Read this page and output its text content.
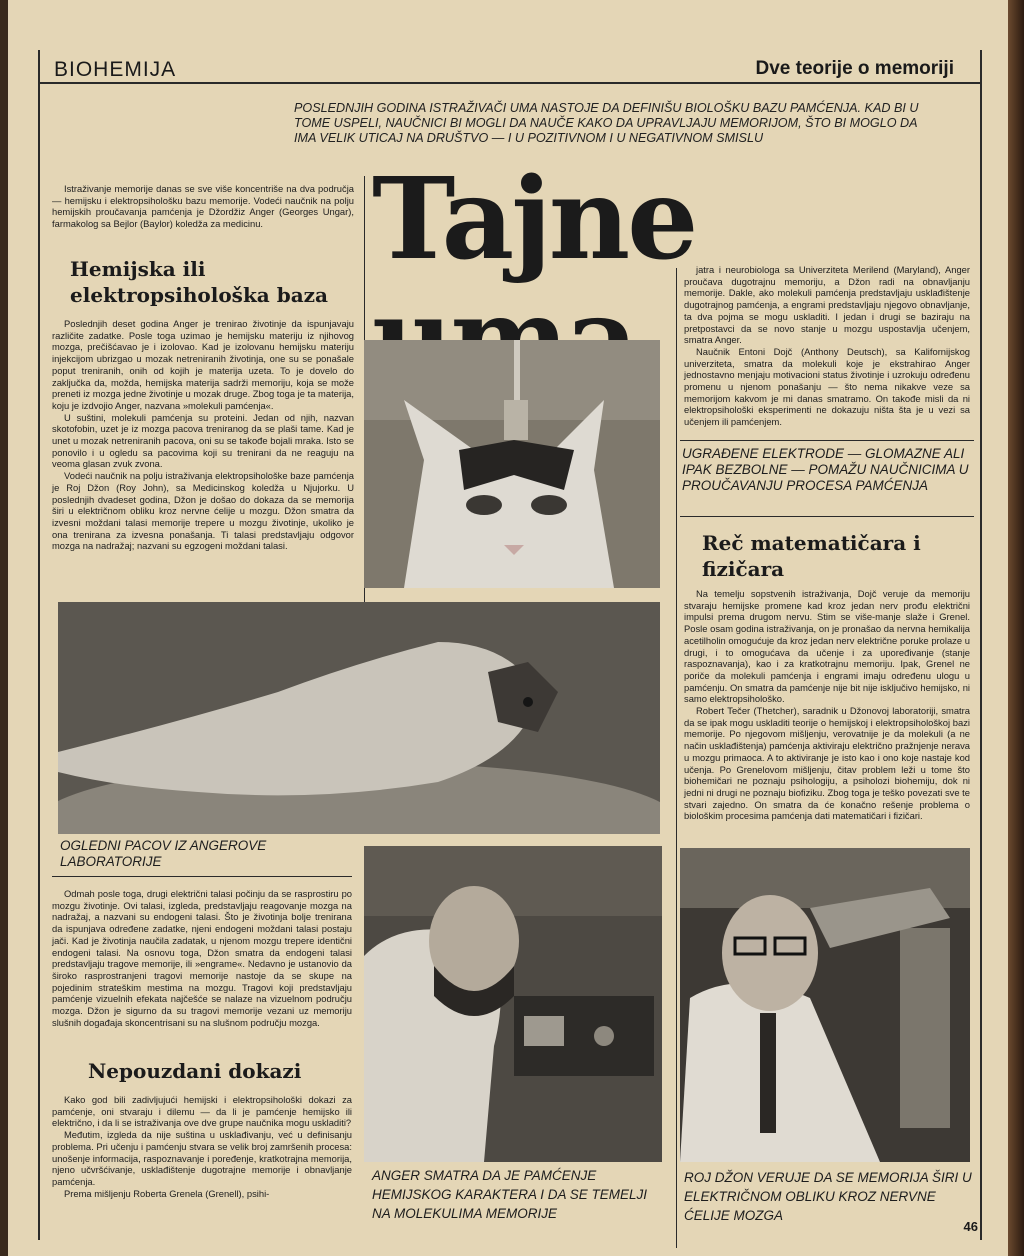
BIOHEMIJA	Dve teorije o memoriji
POSLEDNJIH GODINA ISTRAŽIVAČI UMA NASTOJE DA DEFINIŠU BIOLOŠKU BAZU PAMĆENJA. KAD BI U TOME USPELI, NAUČNICI BI MOGLI DA NAUČE KAKO DA UPRAVLJAJU MEMORIJOM, ŠTO BI MOGLO DA IMA VELIK UTICAJ NA DRUŠTVO — I U POZITIVNOM I U NEGATIVNOM SMISLU
Tajne

Istraživanje memorije danas se sve više koncentriše na dva područja — hemijsku i elektropsihološku bazu memorije. Vodeći naučnik na polju hemijskih proučavanja pamćenja je Džordžiz Anger (Georges Ungar), farmakolog sa Bejlor (Baylor) koledža za medicinu.

Hemijska ili elektropsihološka baza

Poslednjih deset godina Anger je trenirao životinje da ispunjavaju različite zadatke. Posle toga uzimao je hemijsku materiju iz njihovog mozga, prečišćavao je i izolovao. Kad je izolovanu hemijsku materiju injekcijom ubrizgao u mozak netreniranih životinja, one su se ponašale poput treniranih, onih od kojih je materija uzeta. To je dovelo do zaključka da, možda, hemijska materija sadrži memoriju, koja se može preneti iz mozga jedne životinje u mozak druge. Zbog toga je ta materija, koju je izdvojio Anger, nazvana »molekuli pamćenja«.

U suštini, molekuli pamćenja su proteini. Jedan od njih, nazvan skotofobin, uzet je iz mozga pacova treniranog da se plaši tame. Kad je unet u mozak netreniranih pacova, oni su se takođe bojali mraka. Isto se ponovilo i u ogledu sa pacovima koji su trenirani da ne reaguju na veoma glasan zvuk zvona.

Vodeći naučnik na polju istraživanja elektropsihološke baze pamćenja je Roj Džon (Roy John), sa Medicinskog koledža u Njujorku. U poslednjih dvadeset godina, Džon je došao do dokaza da se memorija širi u električnom obliku kroz nervne ćelije u mozgu. Džon smatra da izvesni moždani talasi memorije trepere u mozgu životinje, ukoliko je ona trenirana za izvesna ponašanja. Ti talasi predstavljaju odgovor mozga na nadražaj; nazvani su egzogeni moždani talasi.

OGLEDNI PACOV IZ ANGEROVE LABORATORIJE

Odmah posle toga, drugi električni talasi počinju da se rasprostiru po mozgu životinje. Ovi talasi, izgleda, predstavljaju reagovanje mozga na nadražaj, a nazvani su endogeni talasi. Što je životinja bolje trenirana da ispunjava određene zadatke, njeni endogeni moždani talasi postaju jači. Kad je životinja naučila zadatak, u njenom mozgu trepere identični endogeni talasi. Na osnovu toga, Džon smatra da endogeni talasi predstavljaju tragove memorije, ili »engrame«. Nedavno je ustanovio da široko rasprostranjeni tragovi memorije nastoje da se skupe na pojedinim strateškim mestima na mozgu. Tragovi koji predstavljaju pamćenje vizuelnih efekata najčešće se nalaze na vizuelnom području mozga. Džon je sigurno da su tragovi memorije vezani uz memoriju slušnih događaja skoncentrisani su na slušnom području mozga.

Nepouzdani dokazi

Kako god bili zadivljujući hemijski i elektropsihološki dokazi za pamćenje, oni stvaraju i dilemu — da li je pamćenje hemijsko ili električno, i da li se istraživanja ove dve grupe naučnika mogu uskladiti?

Međutim, izgleda da nije suština u usklađivanju, već u definisanju problema. Pri učenju i pamćenju stvara se velik broj zamršenih procesa: unošenje informacija, raspoznavanje i poređenje, kratkotrajna memorija, njeno učvršćivanje, usklađištenje dugotrajne memorije i obnavljanje pamćenja.

Prema mišljenju Roberta Grenela (Grenell), psihi-

jatra i neurobiologa sa Univerziteta Merilend (Maryland), Anger proučava dugotrajnu memoriju, a Džon radi na obnavljanju memorije. Dakle, ako molekuli pamćenja predstavljaju usklađištenje dugotrajnog pamćenja, a engrami predstavljaju njegovo obnavljanje, ta dva pojma se mogu uskladiti. I jedan i drugi se baziraju na pretpostavci da se novo stanje u mozgu uspostavlja učenjem, smatra Anger.

Naučnik Entoni Dojč (Anthony Deutsch), sa Kalifornijskog univerziteta, smatra da molekuli koje je ekstrahirao Anger jednostavno menjaju motivacioni status životinje i uzrokuju određenu promenu u njenom ponašanju — što nema nikakve veze sa memorijom kakvom je mi danas smatramo. On takođe misli da ni elektropsihološki eksperimenti ne dokazuju ništa šta je u vezi sa učenjem ili pamćenjem.

UGRAĐENE ELEKTRODE — GLOMAZNE ALI IPAK BEZBOLNE — POMAŽU NAUČNICIMA U PROUČAVANJU PROCESA PAMĆENJA
Reč matematičara i fizičara

Na temelju sopstvenih istraživanja, Dojč veruje da memoriju stvaraju hemijske promene kad kroz jedan nerv prođu električni impulsi prema drugom nervu. Stim se više-manje slaže i Grenel. Posle osam godina istraživanja, on je pronašao da nervna hemikalija acetilholin omogućuje da kroz jedan nerv električne poruke prolaze u drugi, i to omogućava da učenje i za upoređivanje (stanje raspoznavanja), kao i za kratkotrajnu memoriju. Ipak, Grenel ne poriče da molekuli pamćenja i engrami imaju određenu ulogu u pamćenju. On smatra da pamćenje nije bit nije isključivo hemijsko, ni samo elektropsihološko.

Robert Tečer (Thetcher), saradnik u Džonovoj laboratoriji, smatra da se ipak mogu uskladiti teorije o hemijskoj i elektropsihološkoj bazi memorije. Po njegovom mišljenju, verovatnije je da molekuli (a ne način usklađištenja) pamćenja aktiviraju električno pražnjenje nerava u mozgu primaoca. A to aktiviranje je isto kao i ono koje nastaje kod učenja. Po Grenelovom mišljenju, čitav problem leži u tome što biohemičari ne poznaju psihologiju, a psiholozi biohemiju, dok ni jedni ni drugi ne poznaju biofiziku. Zbog toga je teško povezati sve te stvari zajedno. On smatra da će konačno rešenje problema o biološkim procesima pamćenja dati matematičari i fizičari.

ANGER SMATRA DA JE PAMĆENJE HEMIJSKOG KARAKTERA I DA SE TEMELJI NA MOLEKULIMA MEMORIJE
ROJ DŽON VERUJE DA SE MEMORIJA ŠIRI U ELEKTRIČNOM OBLIKU KROZ NERVNE ĆELIJE MOZGA
46
